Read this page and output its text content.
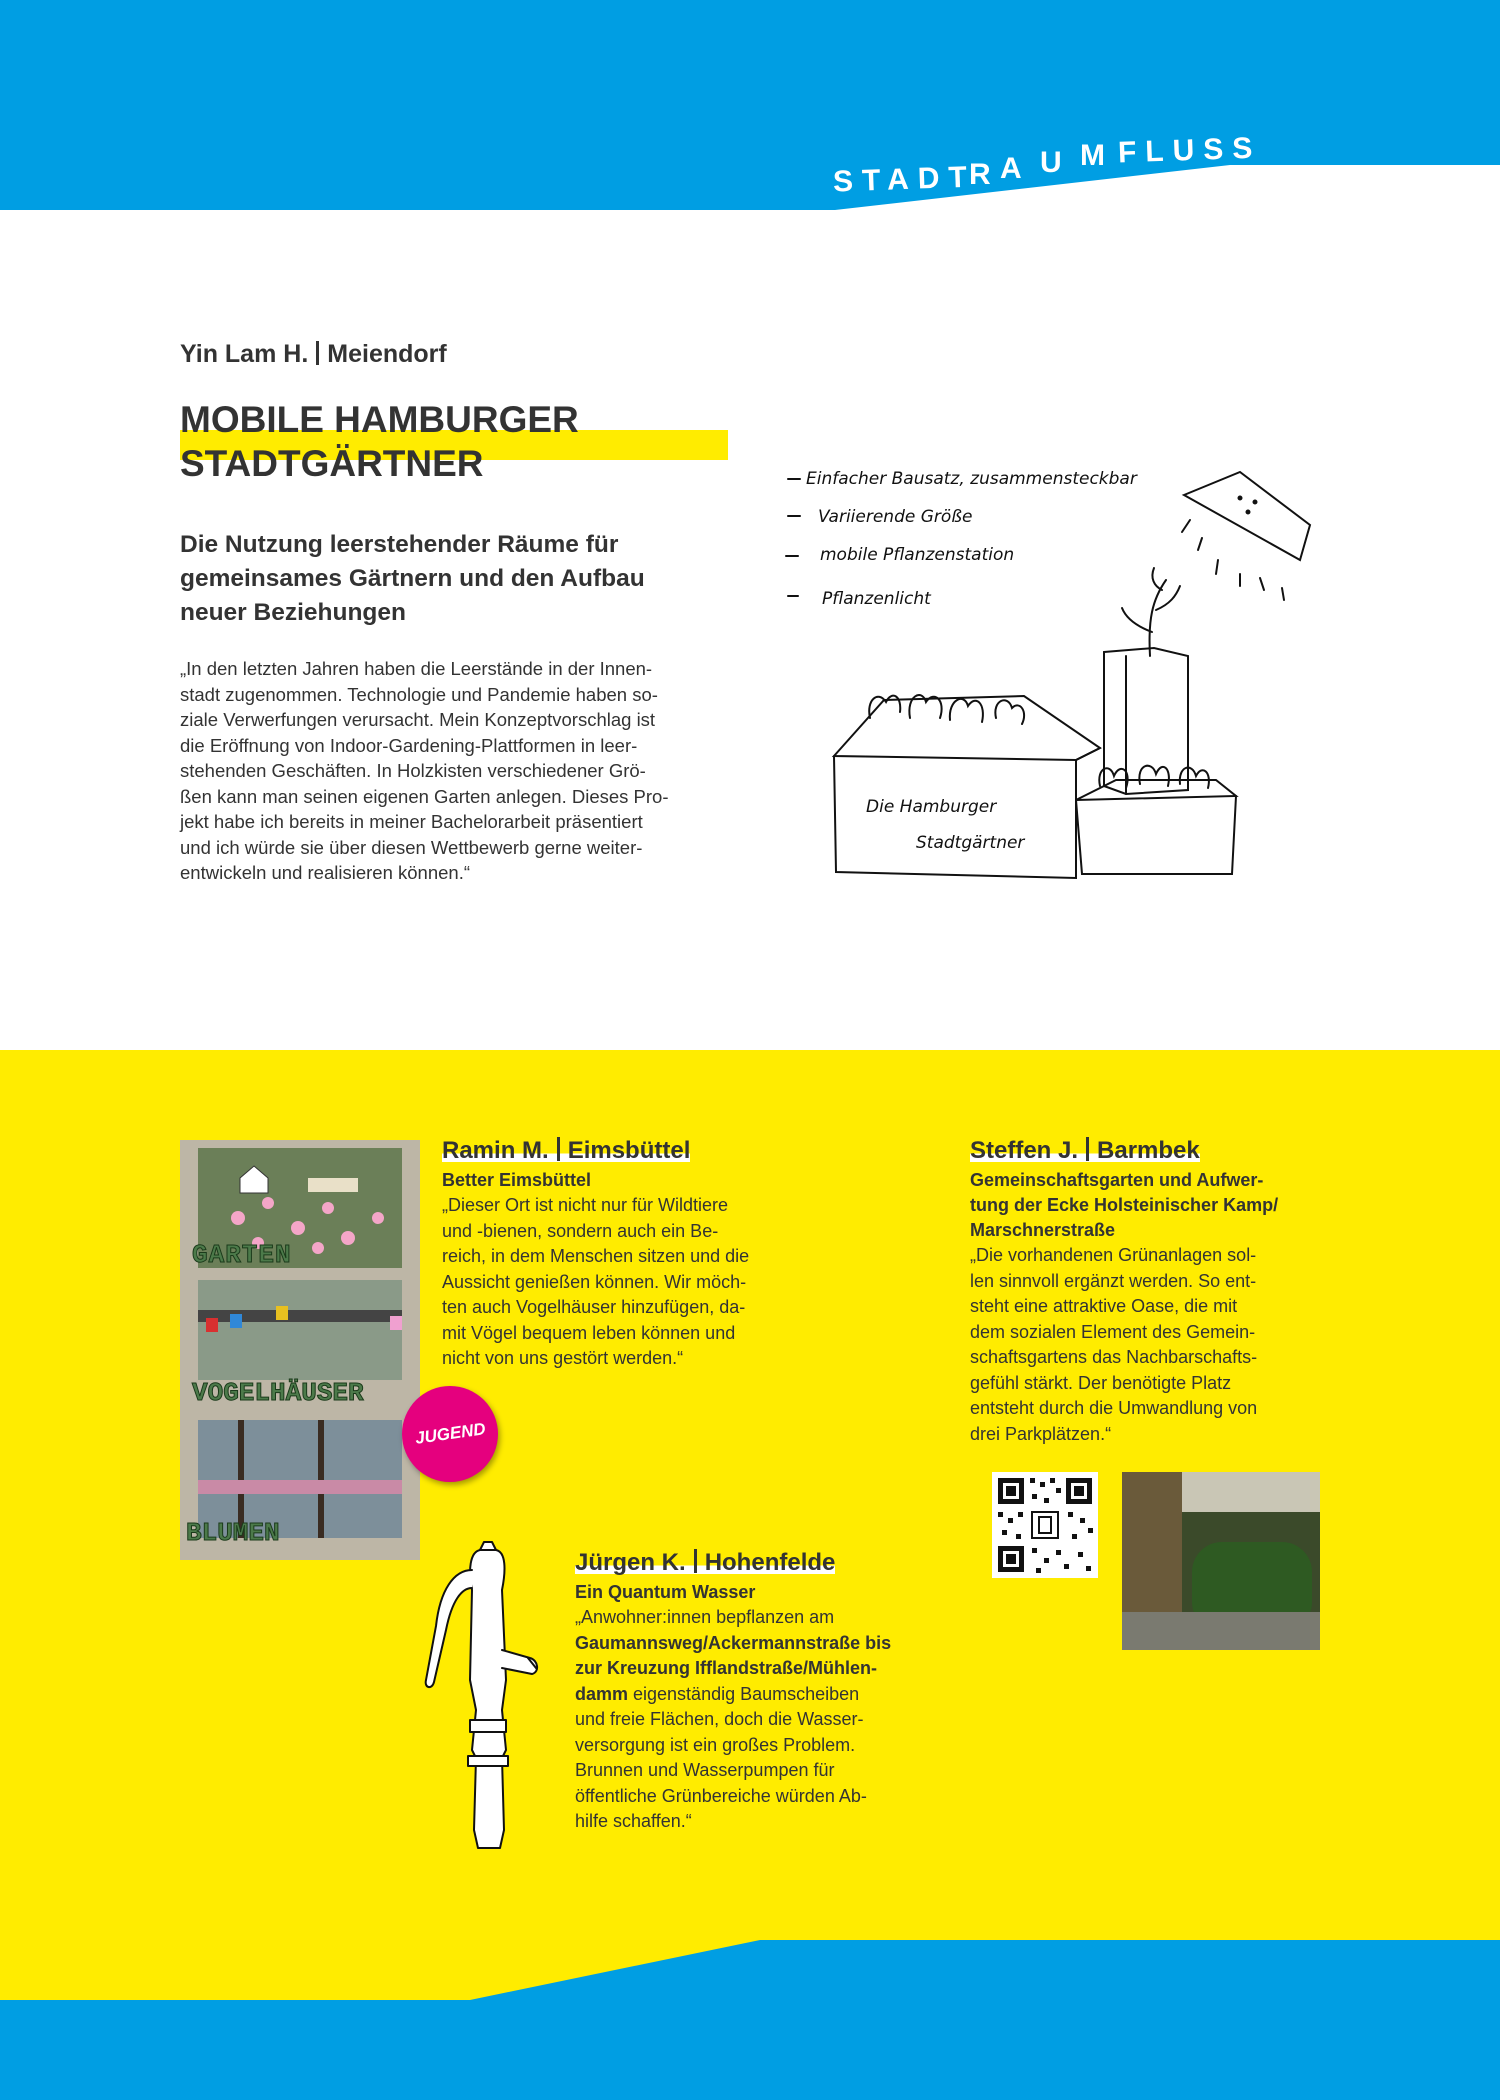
STADT
R A U M FLUSS
Yin Lam H. Meiendorf
MOBILE HAMBURGER
STADTGÄRTNER
Die Nutzung leerstehender Räume für
gemeinsames Gärtnern und den Aufbau
neuer Beziehungen
„In den letzten Jahren haben die Leerstände in der Innen-
stadt zugenommen. Technologie und Pandemie haben so-
ziale Verwerfungen verursacht. Mein Konzeptvorschlag ist
die Eröffnung von Indoor-Gardening-Plattformen in leer-
stehenden Geschäften. In Holzkisten verschiedener Grö-
ßen kann man seinen eigenen Garten anlegen. Dieses Pro-
jekt habe ich bereits in meiner Bachelorarbeit präsentiert
und ich würde sie über diesen Wettbewerb gerne weiter-
entwickeln und realisieren können.“
Einfacher Bausatz, zusammensteckbar
Variierende Größe
mobile Pflanzenstation
Pflanzenlicht
Die Hamburger
Stadtgärtner
GARTEN
VOGELHÄUSER
BLUMEN
JUGEND
Ramin M. Eimsbüttel
Better Eimsbüttel
„Dieser Ort ist nicht nur für Wildtiere
und -bienen, sondern auch ein Be-
reich, in dem Menschen sitzen und die
Aussicht genießen können. Wir möch-
ten auch Vogelhäuser hinzufügen, da-
mit Vögel bequem leben können und
nicht von uns gestört werden.“
Steffen J. Barmbek
Gemeinschaftsgarten und Aufwer-
tung der Ecke Holsteinischer Kamp/
Marschnerstraße
„Die vorhandenen Grünanlagen sol-
len sinnvoll ergänzt werden. So ent-
steht eine attraktive Oase, die mit
dem sozialen Element des Gemein-
schaftsgartens das Nachbarschafts-
gefühl stärkt. Der benötigte Platz
entsteht durch die Umwandlung von
drei Parkplätzen.“
Jürgen K. Hohenfelde
Ein Quantum Wasser
„Anwohner:innen bepflanzen am
Gaumannsweg/Ackermannstraße bis
zur Kreuzung Ifflandstraße/Mühlen-
damm eigenständig Baumscheiben
und freie Flächen, doch die Wasser-
versorgung ist ein großes Problem.
Brunnen und Wasserpumpen für
öffentliche Grünbereiche würden Ab-
hilfe schaffen.“
